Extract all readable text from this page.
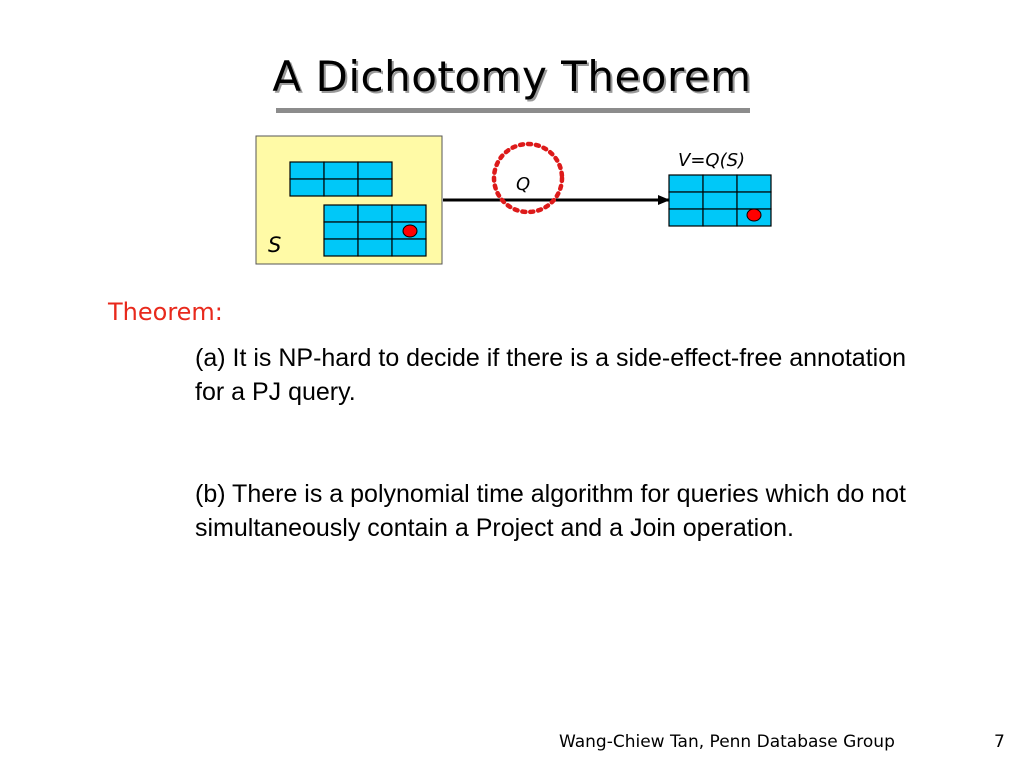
A Dichotomy Theorem
S
Q
V=Q(S)
Theorem:
(a) It is NP-hard to decide if there is a side-effect-free annotation for a PJ query.
(b) There is a polynomial time algorithm for queries which do not simultaneously contain a Project and a Join operation.
Wang-Chiew Tan, Penn Database Group	7
